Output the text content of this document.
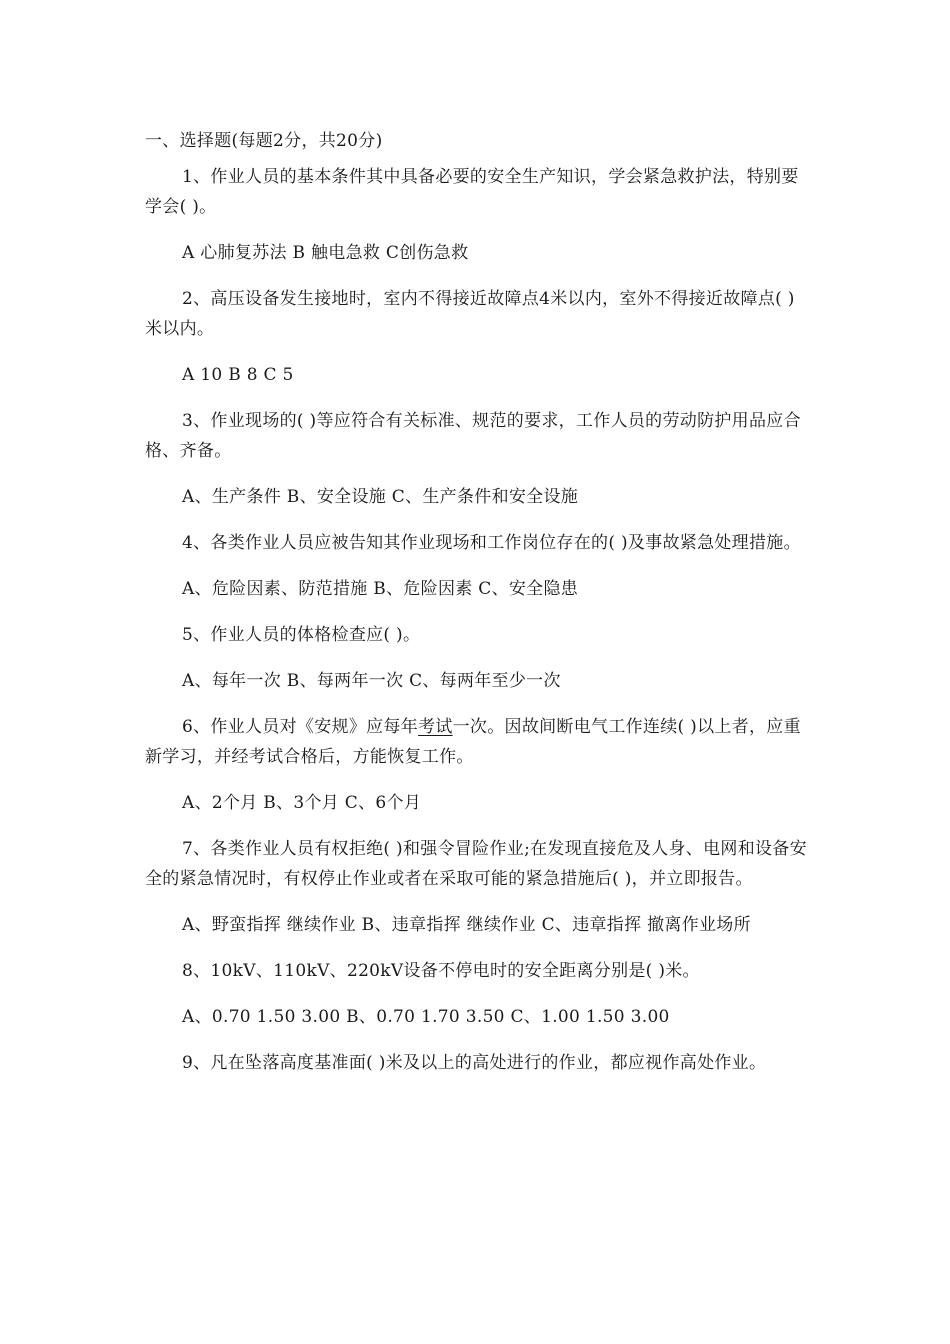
一、选择题(每题2分，共20分)
1、作业人员的基本条件其中具备必要的安全生产知识，学会紧急救护法，特别要学会( )。
A 心肺复苏法 B 触电急救 C创伤急救
2、高压设备发生接地时，室内不得接近故障点4米以内，室外不得接近故障点( )米以内。
A 10 B 8 C 5
3、作业现场的( )等应符合有关标准、规范的要求，工作人员的劳动防护用品应合格、齐备。
A、生产条件 B、安全设施 C、生产条件和安全设施
4、各类作业人员应被告知其作业现场和工作岗位存在的( )及事故紧急处理措施。
A、危险因素、防范措施 B、危险因素 C、安全隐患
5、作业人员的体格检查应( )。
A、每年一次 B、每两年一次 C、每两年至少一次
6、作业人员对《安规》应每年考试一次。因故间断电气工作连续( )以上者，应重新学习，并经考试合格后，方能恢复工作。
A、2个月 B、3个月 C、6个月
7、各类作业人员有权拒绝( )和强令冒险作业;在发现直接危及人身、电网和设备安全的紧急情况时，有权停止作业或者在采取可能的紧急措施后( )，并立即报告。
A、野蛮指挥 继续作业 B、违章指挥 继续作业 C、违章指挥 撤离作业场所
8、10kV、110kV、220kV设备不停电时的安全距离分别是( )米。
A、0.70 1.50 3.00 B、0.70 1.70 3.50 C、1.00 1.50 3.00
9、凡在坠落高度基准面( )米及以上的高处进行的作业，都应视作高处作业。
